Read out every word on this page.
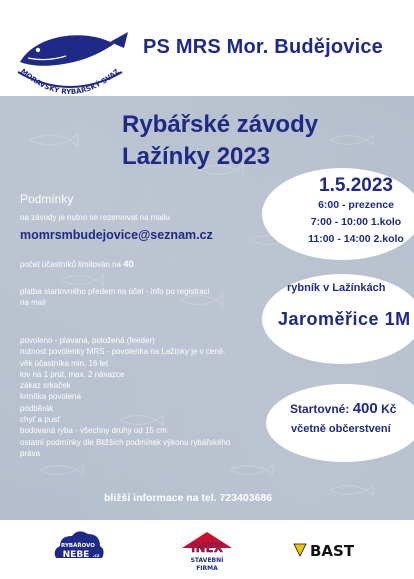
MORAVSKÝ RYBÁŘSKÝ SVAZ
PS MRS Mor. Budějovice
Rybářské závody
Lažínky 2023
1.5.2023
6:00 - prezence
7:00 - 10:00 1.kolo
11:00 - 14:00 2.kolo
rybník v Lažínkách
Jaroměřice 1M
Startovné: 400 Kč
včetně občerstvení
Podmínky
na závody je nutno se rezervovat na mailu
momrsmbudejovice@seznam.cz
počet účastníků limitován na 40
platba startovného předem na účet - info po registraci
na mail
povoleno - plavaná, položená (feeder)
nutnost povolenky MRS - povolenka na Lažínky je v ceně.
věk účastníka min. 16 let
lov na 1 prut, max. 2 návazce
zákaz srkaček
krmítka povolena
podběrák
chyť a pusť
bodovaná ryba - všechny druhy od 15 cm
ostatní podmínky dle Bližších podmínek výkonu rybářského
práva
bližší informace na tel. 723403686
RYBÁŘOVO
NEBE .cz
INEX
STAVEBNÍ
FIRMA
BAST
